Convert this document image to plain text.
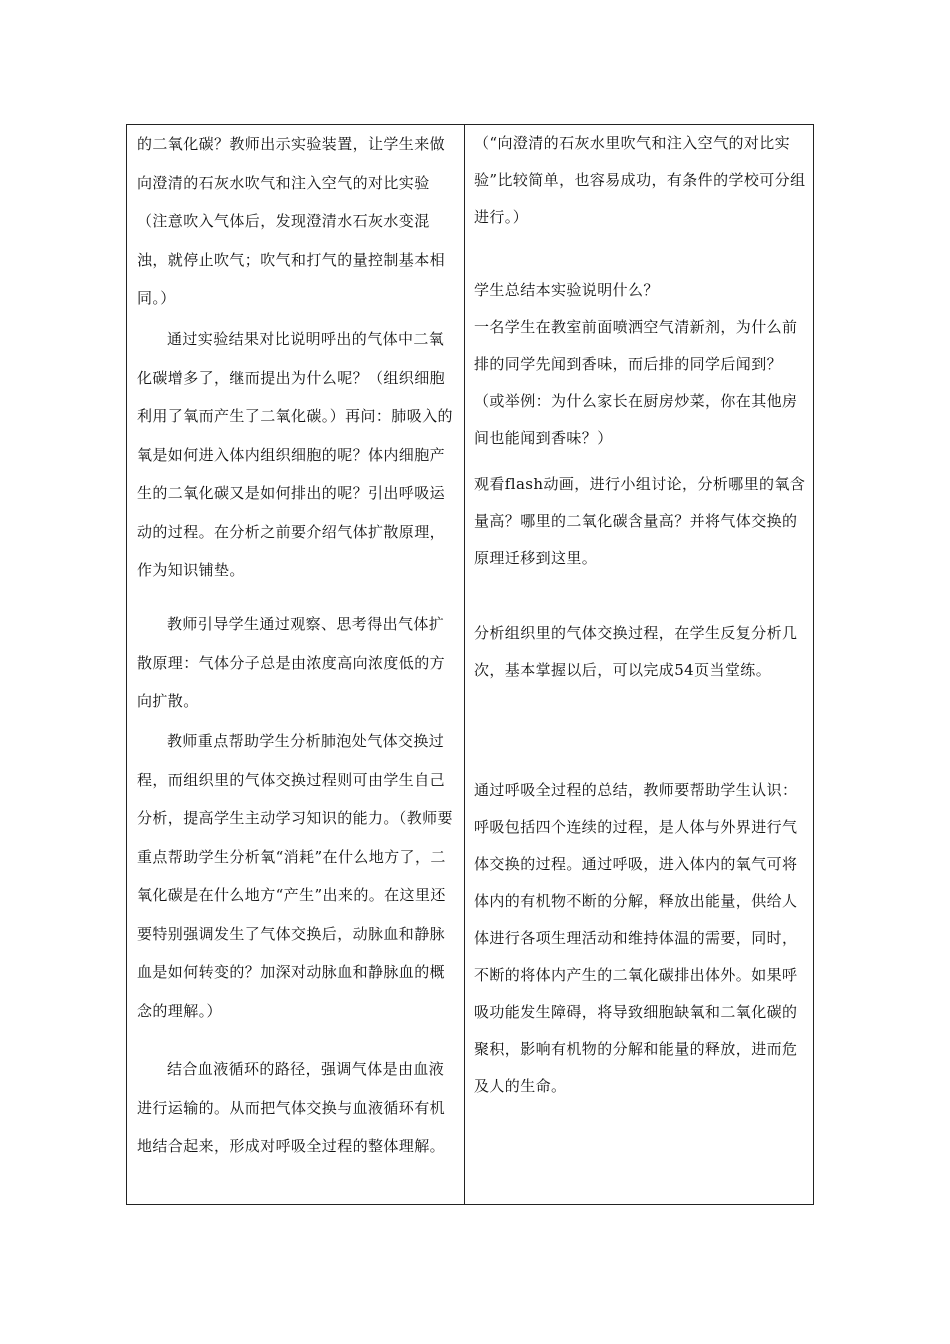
的二氧化碳？教师出示实验装置，让学生来做向澄清的石灰水吹气和注入空气的对比实验（注意吹入气体后，发现澄清水石灰水变混浊，就停止吹气；吹气和打气的量控制基本相同。）

通过实验结果对比说明呼出的气体中二氧化碳增多了，继而提出为什么呢？（组织细胞利用了氧而产生了二氧化碳。）再问：肺吸入的氧是如何进入体内组织细胞的呢？体内细胞产生的二氧化碳又是如何排出的呢？引出呼吸运动的过程。在分析之前要介绍气体扩散原理，作为知识铺垫。

教师引导学生通过观察、思考得出气体扩散原理：气体分子总是由浓度高向浓度低的方向扩散。

教师重点帮助学生分析肺泡处气体交换过程，而组织里的气体交换过程则可由学生自己分析，提高学生主动学习知识的能力。（教师要重点帮助学生分析氧“消耗”在什么地方了，二氧化碳是在什么地方“产生”出来的。在这里还要特别强调发生了气体交换后，动脉血和静脉血是如何转变的？加深对动脉血和静脉血的概念的理解。）

结合血液循环的路径，强调气体是由血液进行运输的。从而把气体交换与血液循环有机地结合起来，形成对呼吸全过程的整体理解。

（“向澄清的石灰水里吹气和注入空气的对比实验”比较简单，也容易成功，有条件的学校可分组进行。）

学生总结本实验说明什么？

一名学生在教室前面喷洒空气清新剂，为什么前排的同学先闻到香味，而后排的同学后闻到？（或举例：为什么家长在厨房炒菜，你在其他房间也能闻到香味？）

观看flash动画，进行小组讨论，分析哪里的氧含量高？哪里的二氧化碳含量高？并将气体交换的原理迁移到这里。

分析组织里的气体交换过程，在学生反复分析几次，基本掌握以后，可以完成54页当堂练。

通过呼吸全过程的总结，教师要帮助学生认识：呼吸包括四个连续的过程，是人体与外界进行气体交换的过程。通过呼吸，进入体内的氧气可将体内的有机物不断的分解，释放出能量，供给人体进行各项生理活动和维持体温的需要，同时，不断的将体内产生的二氧化碳排出体外。如果呼吸功能发生障碍，将导致细胞缺氧和二氧化碳的聚积，影响有机物的分解和能量的释放，进而危及人的生命。
